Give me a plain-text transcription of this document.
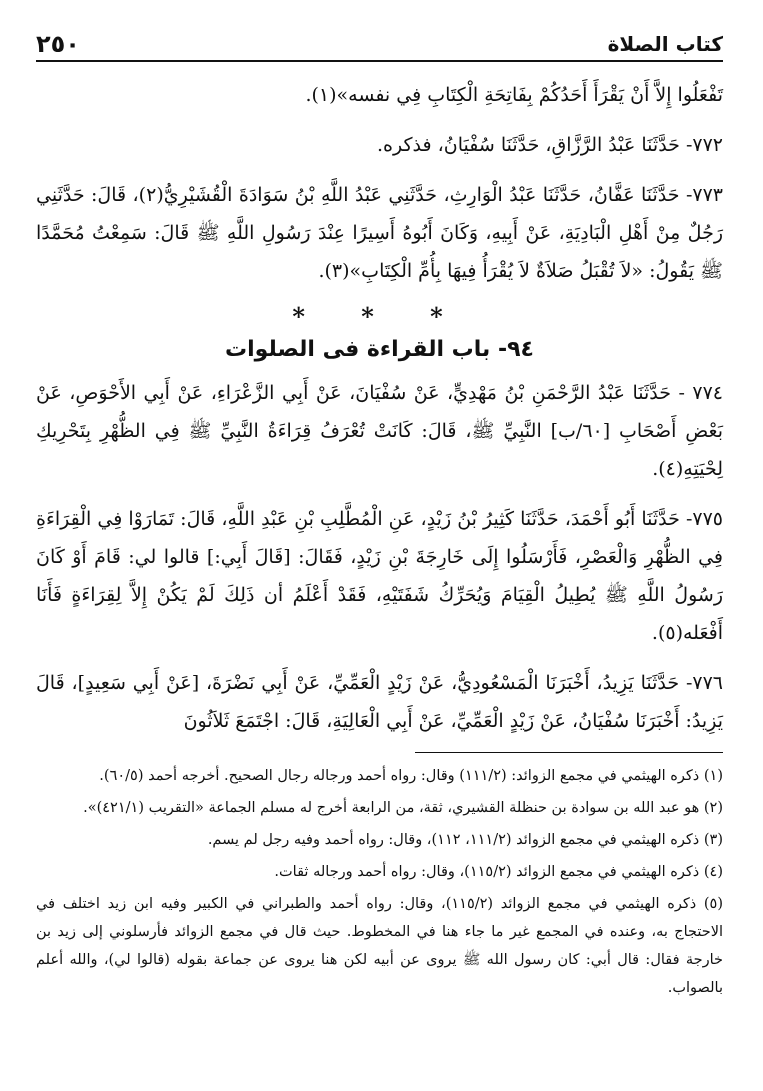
كتاب الصلاة
٢٥٠

تَفْعَلُوا إِلاَّ أَنْ يَقْرَأَ أَحَدُكُمْ بِفَاتِحَةِ الْكِتَابِ فِي نفسه»(١).

٧٧٢- حَدَّثَنَا عَبْدُ الرَّزَّاقِ، حَدَّثَنَا سُفْيَانُ، فذكره.

٧٧٣- حَدَّثَنَا عَفَّانُ، حَدَّثَنَا عَبْدُ الْوَارِثِ، حَدَّثَنِي عَبْدُ اللَّهِ بْنُ سَوَادَةَ الْقُشَيْرِيُّ(٢)، قَالَ: حَدَّثَنِي رَجُلٌ مِنْ أَهْلِ الْبَادِيَةِ، عَنْ أَبِيهِ، وَكَانَ أَبُوهُ أَسِيرًا عِنْدَ رَسُولِ اللَّهِ ﷺ قَالَ: سَمِعْتُ مُحَمَّدًا ﷺ يَقُولُ: «لاَ تُقْبَلُ صَلاَةٌ لاَ يُقْرَأُ فِيهَا بِأُمِّ الْكِتَابِ»(٣).

* * *
٩٤- باب القراءة فى الصلوات

٧٧٤ - حَدَّثَنَا عَبْدُ الرَّحْمَنِ بْنُ مَهْدِيٍّ، عَنْ سُفْيَانَ، عَنْ أَبِي الزَّعْرَاءِ، عَنْ أَبِي الأَحْوَصِ، عَنْ بَعْضِ أَصْحَابِ [٦٠/ب] النَّبِيِّ ﷺ، قَالَ: كَانَتْ تُعْرَفُ قِرَاءَةُ النَّبِيِّ ﷺ فِي الظُّهْرِ بِتَحْرِيكِ لِحْيَتِهِ(٤).

٧٧٥- حَدَّثَنَا أَبُو أَحْمَدَ، حَدَّثَنَا كَثِيرُ بْنُ زَيْدٍ، عَنِ الْمُطَّلِبِ بْنِ عَبْدِ اللَّهِ، قَالَ: تَمَارَوْا فِي الْقِرَاءَةِ فِي الظُّهْرِ وَالْعَصْرِ، فَأَرْسَلُوا إِلَى خَارِجَةَ بْنِ زَيْدٍ، فَقَالَ: [قَالَ أَبِي:] قالوا لي: قَامَ أَوْ كَانَ رَسُولُ اللَّهِ ﷺ يُطِيلُ الْقِيَامَ وَيُحَرِّكُ شَفَتَيْهِ، فَقَدْ أَعْلَمُ أن ذَلِكَ لَمْ يَكُنْ إِلاَّ لِقِرَاءَةٍ فَأَنَا أَفْعَله(٥).

٧٧٦- حَدَّثَنَا يَزِيدُ، أَخْبَرَنَا الْمَسْعُودِيُّ، عَنْ زَيْدٍ الْعَمِّيِّ، عَنْ أَبِي نَضْرَةَ، [عَنْ أَبِي سَعِيدٍ]، قَالَ يَزِيدُ: أَخْبَرَنَا سُفْيَانُ، عَنْ زَيْدٍ الْعَمِّيِّ، عَنْ أَبِي الْعَالِيَةِ، قَالَ: اجْتَمَعَ ثَلاَثُونَ

(١) ذكره الهيثمي في مجمع الزوائد: (١١١/٢) وقال: رواه أحمد ورجاله رجال الصحيح. أخرجه أحمد (٦٠/٥).

(٢) هو عبد الله بن سوادة بن حنظلة القشيري، ثقة، من الرابعة أخرج له مسلم الجماعة «التقريب (٤٢١/١)».

(٣) ذكره الهيثمي في مجمع الزوائد (١١١/٢، ١١٢)، وقال: رواه أحمد وفيه رجل لم يسم.

(٤) ذكره الهيثمي في مجمع الزوائد (١١٥/٢)، وقال: رواه أحمد ورجاله ثقات.

(٥) ذكره الهيثمي في مجمع الزوائد (١١٥/٢)، وقال: رواه أحمد والطبراني في الكبير وفيه ابن زيد اختلف في الاحتجاج به، وعنده في المجمع غير ما جاء هنا في المخطوط. حيث قال في مجمع الزوائد فأرسلوني إلى زيد بن خارجة فقال: قال أبي: كان رسول الله ﷺ يروى عن أبيه لكن هنا يروى عن جماعة بقوله (قالوا لي)، والله أعلم بالصواب.
